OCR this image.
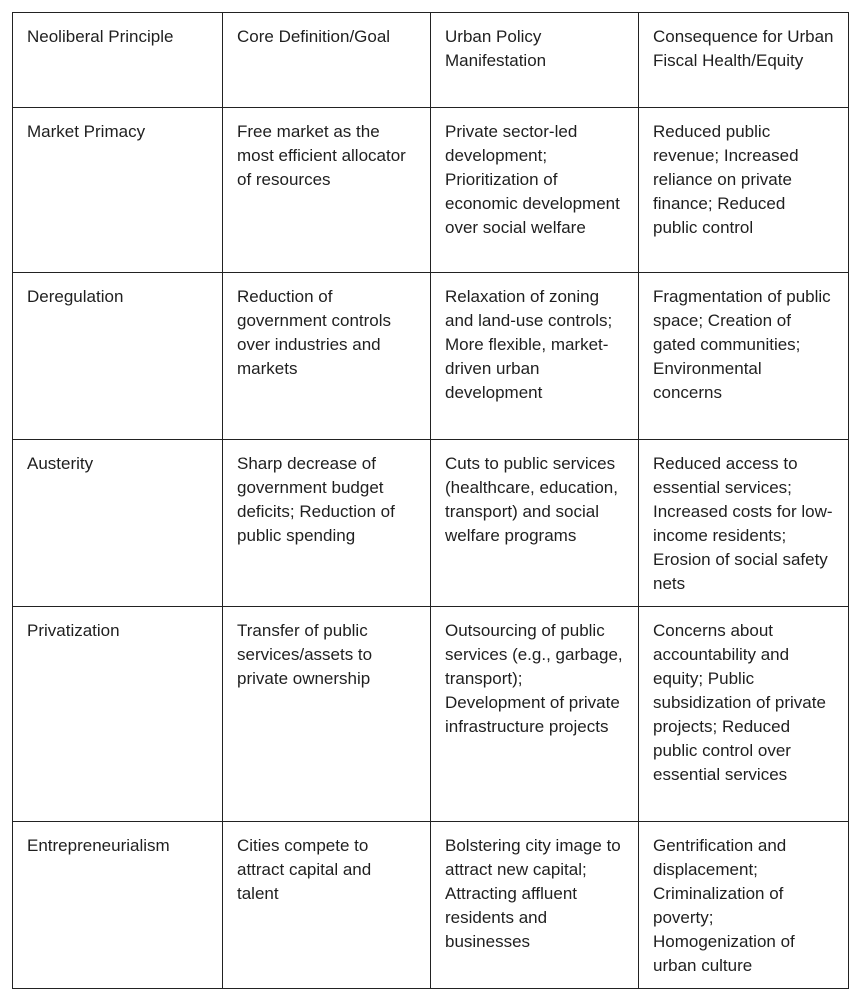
Neoliberal Principle	Core Definition/Goal	Urban Policy Manifestation	Consequence for Urban Fiscal Health/Equity
Market Primacy	Free market as the most efficient allocator of resources	Private sector-led development; Prioritization of economic development over social welfare	Reduced public revenue; Increased reliance on private finance; Reduced public control
Deregulation	Reduction of government controls over industries and markets	Relaxation of zoning and land-use controls; More flexible, market-driven urban development	Fragmentation of public space; Creation of gated communities; Environmental concerns
Austerity	Sharp decrease of government budget deficits; Reduction of public spending	Cuts to public services (healthcare, education, transport) and social welfare programs	Reduced access to essential services; Increased costs for low-income residents; Erosion of social safety nets
Privatization	Transfer of public services/assets to private ownership	Outsourcing of public services (e.g., garbage, transport); Development of private infrastructure projects	Concerns about accountability and equity; Public subsidization of private projects; Reduced public control over essential services
Entrepreneurialism	Cities compete to attract capital and talent	Bolstering city image to attract new capital; Attracting affluent residents and businesses	Gentrification and displacement; Criminalization of poverty; Homogenization of urban culture
